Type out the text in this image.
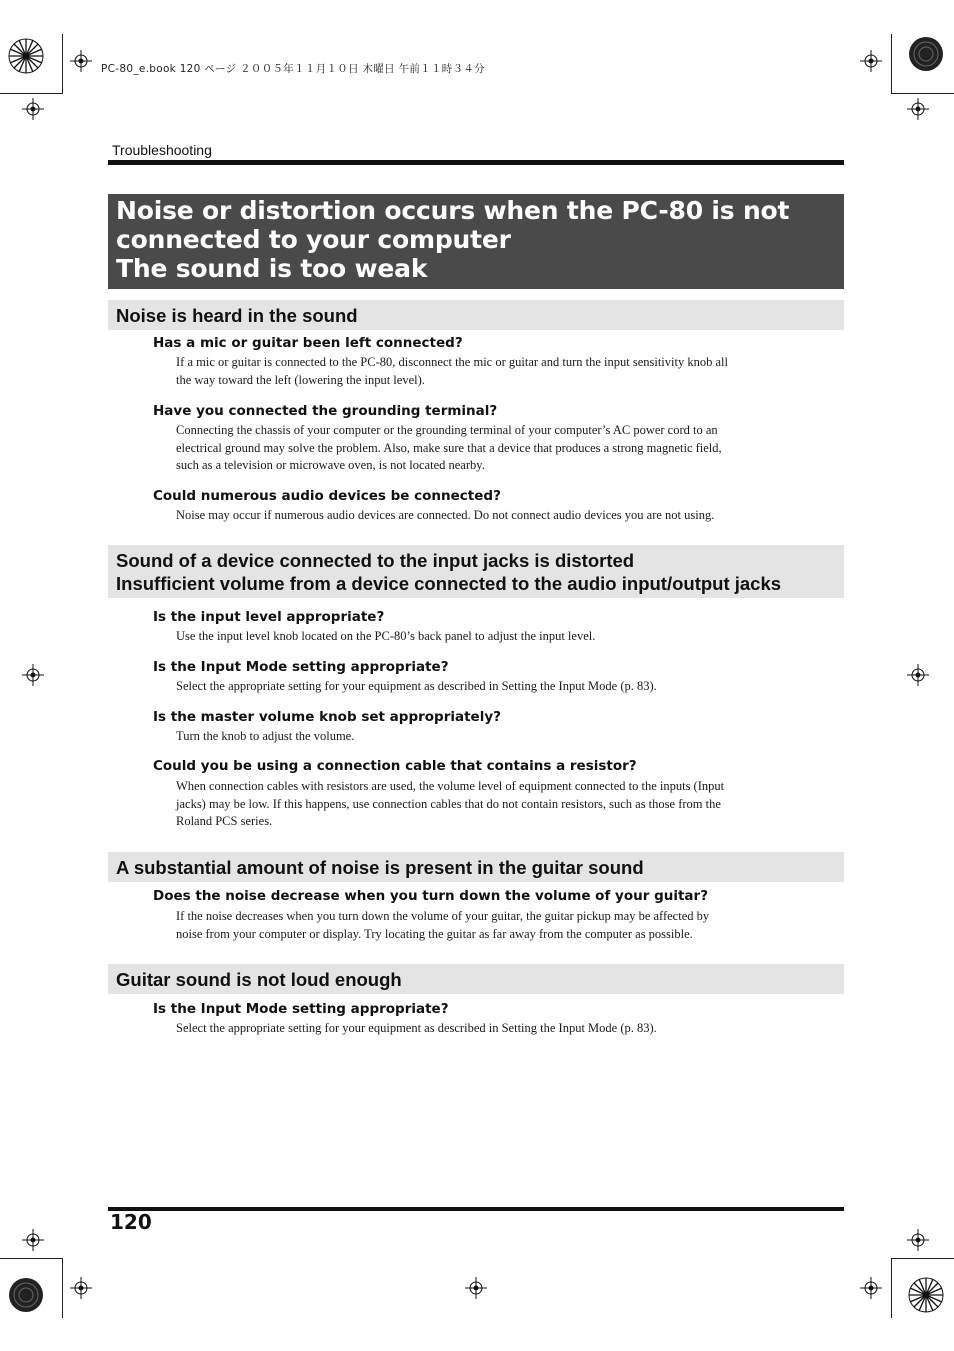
PC-80_e.book 120 ページ ２００５年１１月１０日 木曜日 午前１１時３４分
Troubleshooting
Noise or distortion occurs when the PC-80 is not
connected to your computer
The sound is too weak
Noise is heard in the sound
Has a mic or guitar been left connected?
If a mic or guitar is connected to the PC-80, disconnect the mic or guitar and turn the input sensitivity knob all
the way toward the left (lowering the input level).
Have you connected the grounding terminal?
Connecting the chassis of your computer or the grounding terminal of your computer’s AC power cord to an
electrical ground may solve the problem. Also, make sure that a device that produces a strong magnetic field,
such as a television or microwave oven, is not located nearby.
Could numerous audio devices be connected?
Noise may occur if numerous audio devices are connected. Do not connect audio devices you are not using.
Sound of a device connected to the input jacks is distorted
Insufficient volume from a device connected to the audio input/output jacks
Is the input level appropriate?
Use the input level knob located on the PC-80’s back panel to adjust the input level.
Is the Input Mode setting appropriate?
Select the appropriate setting for your equipment as described in Setting the Input Mode (p. 83).
Is the master volume knob set appropriately?
Turn the knob to adjust the volume.
Could you be using a connection cable that contains a resistor?
When connection cables with resistors are used, the volume level of equipment connected to the inputs (Input
jacks) may be low. If this happens, use connection cables that do not contain resistors, such as those from the
Roland PCS series.
A substantial amount of noise is present in the guitar sound
Does the noise decrease when you turn down the volume of your guitar?
If the noise decreases when you turn down the volume of your guitar, the guitar pickup may be affected by
noise from your computer or display. Try locating the guitar as far away from the computer as possible.
Guitar sound is not loud enough
Is the Input Mode setting appropriate?
Select the appropriate setting for your equipment as described in Setting the Input Mode (p. 83).
120
